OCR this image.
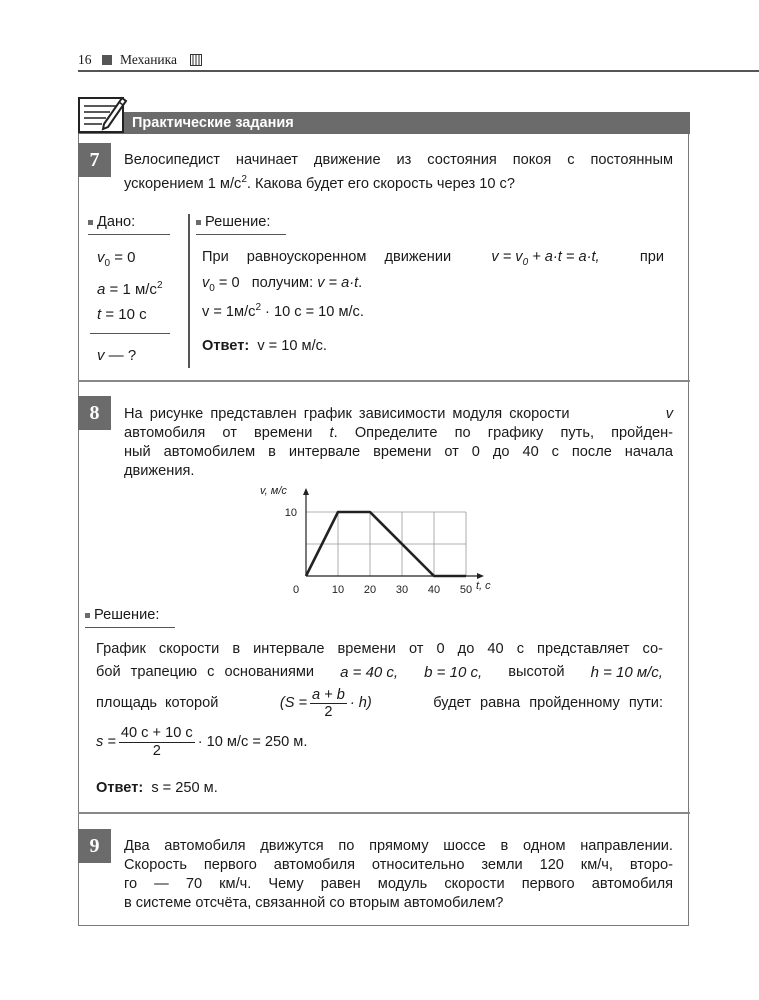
16 Механика
Практические задания
7	Велосипедист начинает движение из состояния покоя с постоянным
ускорением 1 $м/с^2$. Какова будет его скорость через 10 с?
Дано:
$v_0 = 0$
a = 1 $м/с^2$
t = 10 с
v — ?
Решение:
При равноускоренном движении	$v = v_0 + a\cdot t = a\cdot t$,	при
$v_0 = 0$ получим: v = a·t.
$v = 1м/с^2 \cdot 10$ с = 10 м/с.
Ответ: v = 10 м/с.
8	На рисунке представлен график зависимости модуля скорости	v
автомобиля от времени t. Определите по графику путь, пройден-
ный автомобилем в интервале времени от 0 до 40 с после начала
движения.
0	10 20 30 40 50
10
v, м/с
t, с
Решение:
График скорости в интервале времени от 0 до 40 с представляет со-
бой трапецию с основаниями a = 40 с, b = 10 с, высотой h = 10 м/с,
площадь которой	$(S = \frac{a + b}{2} \cdot h)$	будет равна пройденному пути:
s =
40 с + 10 с
2
· 10 м/с = 250 м.
Ответ: s = 250 м.
9	Два автомобиля движутся по прямому шоссе в одном направлении.
Скорость первого автомобиля относительно земли 120 км/ч, второ-
го — 70 км/ч. Чему равен модуль скорости первого автомобиля
в системе отсчёта, связанной со вторым автомобилем?
